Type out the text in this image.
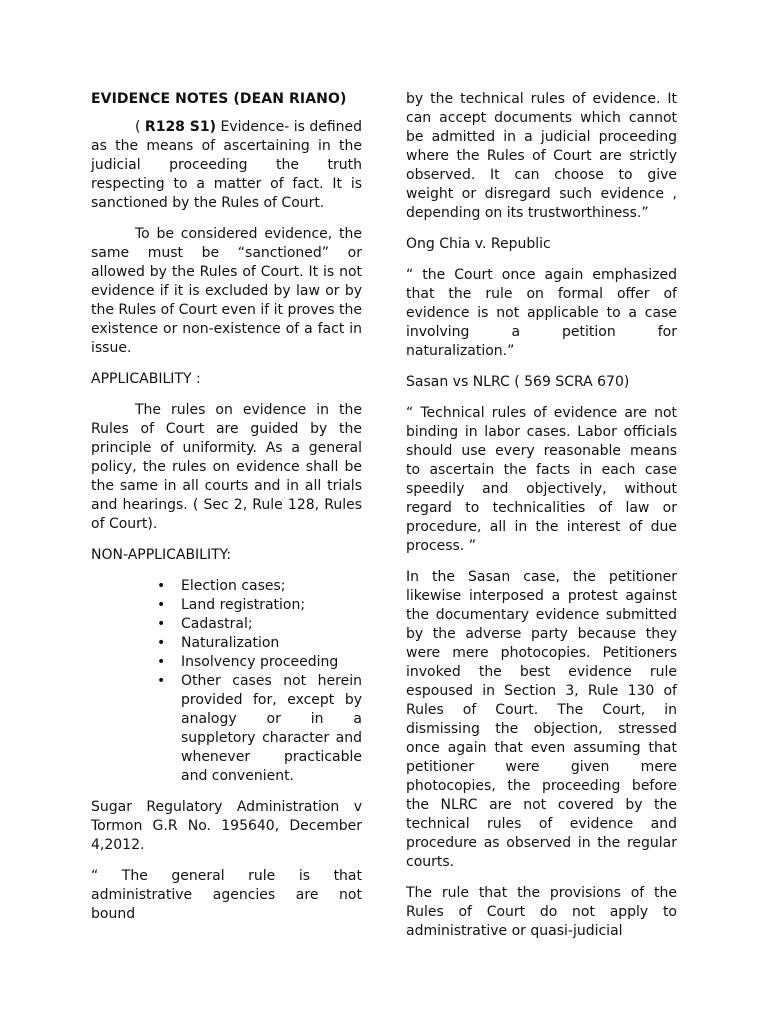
EVIDENCE NOTES (DEAN RIANO)

( R128 S1) Evidence- is defined as the means of ascertaining in the judicial proceeding the truth respecting to a matter of fact. It is sanctioned by the Rules of Court.

To be considered evidence, the same must be “sanctioned” or allowed by the Rules of Court. It is not evidence if it is excluded by law or by the Rules of Court even if it proves the existence or non-existence of a fact in issue.

APPLICABILITY :

The rules on evidence in the Rules of Court are guided by the principle of uniformity. As a general policy, the rules on evidence shall be the same in all courts and in all trials and hearings. ( Sec 2, Rule 128, Rules of Court).

NON-APPLICABILITY:

• Election cases;
• Land registration;
• Cadastral;
• Naturalization
• Insolvency proceeding
• Other cases not herein provided for, except by analogy or in a suppletory character and whenever practicable and convenient.

Sugar Regulatory Administration v Tormon G.R No. 195640, December 4,2012.

“ The general rule is that administrative agencies are not bound

by the technical rules of evidence. It can accept documents which cannot be admitted in a judicial proceeding where the Rules of Court are strictly observed. It can choose to give weight or disregard such evidence , depending on its trustworthiness.”

Ong Chia v. Republic

“ the Court once again emphasized that the rule on formal offer of evidence is not applicable to a case involving a petition for naturalization.”

Sasan vs NLRC ( 569 SCRA 670)

“ Technical rules of evidence are not binding in labor cases. Labor officials should use every reasonable means to ascertain the facts in each case speedily and objectively, without regard to technicalities of law or procedure, all in the interest of due process. ”

In the Sasan case, the petitioner likewise interposed a protest against the documentary evidence submitted by the adverse party because they were mere photocopies. Petitioners invoked the best evidence rule espoused in Section 3, Rule 130 of Rules of Court. The Court, in dismissing the objection, stressed once again that even assuming that petitioner were given mere photocopies, the proceeding before the NLRC are not covered by the technical rules of evidence and procedure as observed in the regular courts.

The rule that the provisions of the Rules of Court do not apply to administrative or quasi-judicial
